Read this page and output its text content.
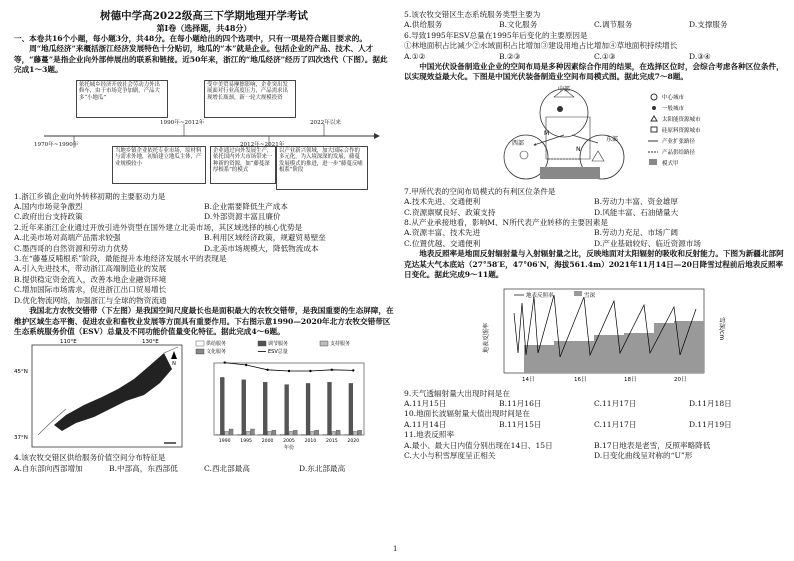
树德中学高2022级高三下学期地理开学考试
第Ⅰ卷（选择题，共48分）

一、本卷共16个小题，每小题3分，共48分。在每小题给出的四个选项中，只有一项是符合题目要求的。

周“地瓜经济”来概括浙江经济发展特色十分贴切，地瓜的“本”就是企业。包括企业的产品、技术、人才等，“藤蔓”是指企业向外部伸展出的联系和链接。近50年来，浙江的“地瓜经济”经历了四次迭代（下图）。据此完成1～3题。

依托城乡经济开放社会劳动力外出修车，由于市场竞争加剧，产品大多“小地瓜”
受中美贸易摩擦影响，企业突出发展面对行业高度压力，产品需求出现增长瓶颈，新一轮大规模投资
当地乡镇企业依托专业市场，原材料与需求外地，初始建立地瓜主体，产业规模较小
企业通过向外发展生产，依托国内外大市场带来一种新的资源，如“藤蔓深厚根系”的模式
以产业新兴领域，加大国际合作的多元化，为入境深深的发展，藤蔓发展模式的推进，进一步“藤蔓反哺根系”阶段
1970年~1990年
1990年~2012年
2012年~2021年
2022年以来

1.浙江乡镇企业向外转移初期的主要驱动力是

A.国内市场竞争激烈	B.企业需要降低生产成本
C.政府出台支持政策	D.外部资源丰富且廉价

2.近年来浙江企业通过开放引进外资型在国外建立北美市场，其区域选择的核心优势是

A.北美市场对高端产品需求较强	B.利用区域经济政策，规避贸易壁垒
C.墨西哥的自然资源和劳动力优势	D.北美市场规模大，降低物流成本

3.在“藤蔓反哺根系”阶段，最能提升本地经济发展水平的表现是

A.引入先进技术，带动浙江高端制造业的发展

B.提供稳定资金流入，改善本地企业融资环境

C.增加国际市场需求，促进浙江出口贸易增长

D.优化物流网络，加强浙江与全球的物资流通

我国北方农牧交错带（下左图）是我国空间尺度最长也是面积最大的农牧交错带，是我国重要的生态屏障，在维护区域生态平衡、促进农业和畜牧业发展等方面具有重要作用。下右图示意1990—2020年北方农牧交错带区生态系统服务价值（ESV）总量及不同功能价值量变化特征。据此完成4～6题。

N
110°E	130°E
45°N
37°N
供给服务	调节服务	支持服务
文化服务	ESV总量
1990 1995 2000 2005 2010 2015 2020
年份

4.该农牧交错区供给服务价值空间分布特征是

A.自东部向西部增加	B.中部高，东西部低	C.西北部最高	D.东北部最高

5.该农牧交错区生态系统服务类型主要为

A.供给服务	B.文化服务	C.调节服务	D.支撑服务

6.导致1995年ESV总量在1995年后变化的主要原因是

①林地面积占比减少②水域面积占比增加③建设用地占比增加④草地面积持续增长

A.①②	B.②③	C.①③	D.③④

中国光伏设备制造业企业的空间布局是多种因素综合作用的结果，在选择区位时，会综合考虑各种区位条件，以实现效益最大化。下图是中国光伏装备制造业空间布局模式图。据此完成7～8题。

中部
西部
东部
M
N
中心城市
一般城市
太阳能资源城市
硅原料资源城市
产业扩张路径
产品供给路径
模式甲

7.甲所代表的空间布局模式的有利区位条件是

A.技术先进、交通便利	B.劳动力丰富、资金雄厚
C.资源禀赋良好、政策支持	D.风能丰富、石油储量大

8.从产业承接地看，影响M、N所代表产业转移的主要因素是

A.资源丰富、技术先进	B.劳动力充足、市场广阔
C.位置优越、交通便利	D.产业基础较好、临近资源市场

地表反照率是地面反射辐射量与入射辐射量之比，反映地面对太阳辐射的吸收和反射能力。下图为新疆北部阿克达某大气本底站（27°58′E，47°06′N，海拔561.4m）2021年11月14日—20日降雪过程前后地表反照率日变化。据此完成9～11题。

地表反照率	雪深
地表反照率	雪深/cm
14日	16日	18日	20日

9.天气透辐射量大出现时间是在

A.11月15日	B.11月16日	C.11月17日	D.11月18日

10.地面长波辐射量大值出现时间是在

A.11月14日	B.11月15日	C.11月17日	D.11月19日

11.地表反照率

A.最小、最大日内值分别出现在14日、15日	B.17日地表是老雪，反照率略降低
C.大小与积雪厚度呈正相关	D.日变化曲线呈对称的“U”形
1
